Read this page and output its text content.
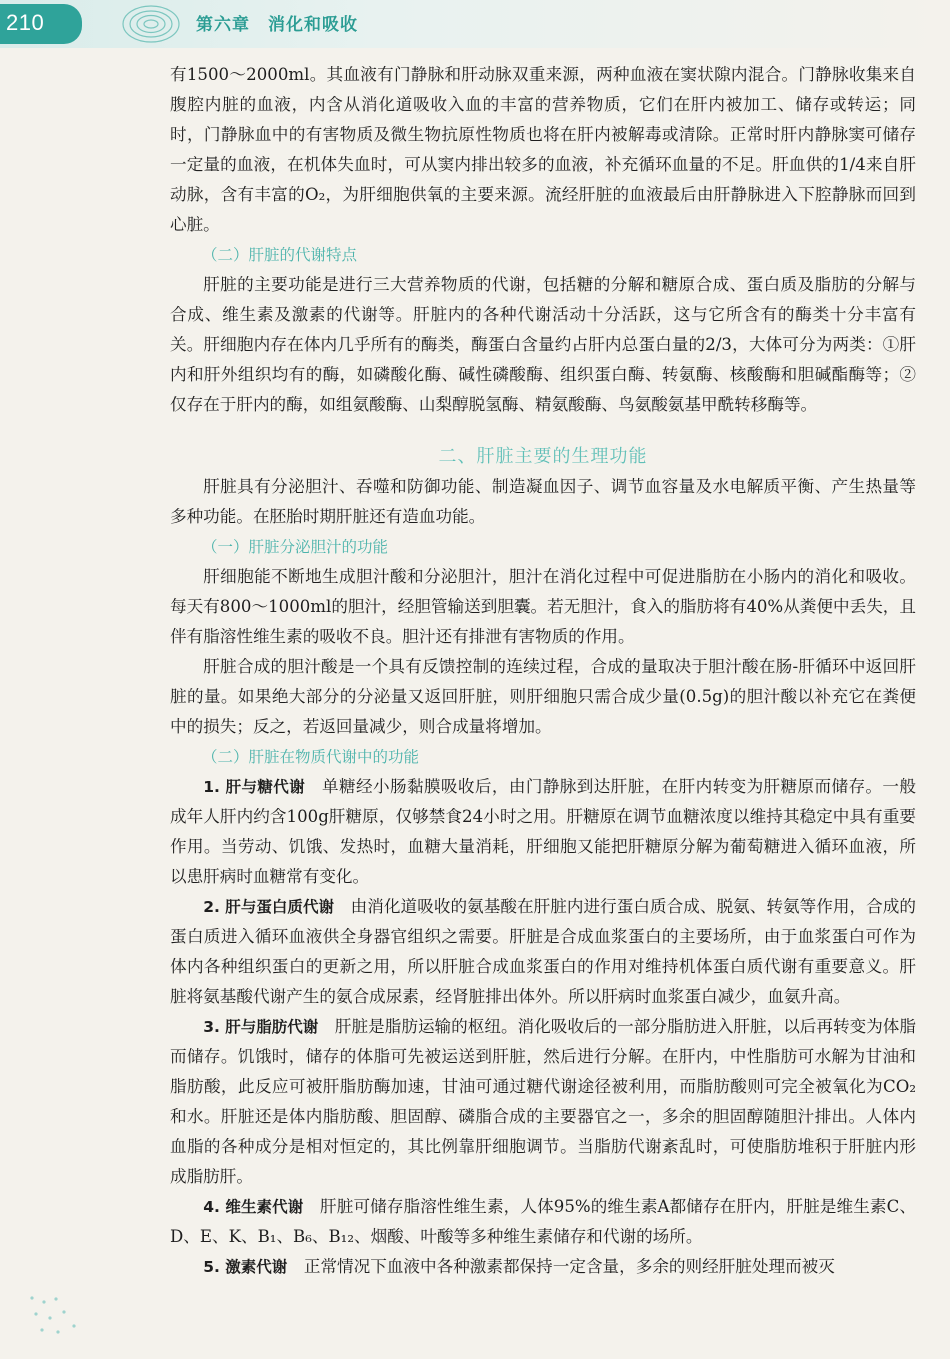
210	第六章　消化和吸收

有1500～2000ml。其血液有门静脉和肝动脉双重来源，两种血液在窦状隙内混合。门静脉收集来自腹腔内脏的血液，内含从消化道吸收入血的丰富的营养物质，它们在肝内被加工、储存或转运；同时，门静脉血中的有害物质及微生物抗原性物质也将在肝内被解毒或清除。正常时肝内静脉窦可储存一定量的血液，在机体失血时，可从窦内排出较多的血液，补充循环血量的不足。肝血供的1/4来自肝动脉，含有丰富的O₂，为肝细胞供氧的主要来源。流经肝脏的血液最后由肝静脉进入下腔静脉而回到心脏。

（二）肝脏的代谢特点

肝脏的主要功能是进行三大营养物质的代谢，包括糖的分解和糖原合成、蛋白质及脂肪的分解与合成、维生素及激素的代谢等。肝脏内的各种代谢活动十分活跃，这与它所含有的酶类十分丰富有关。肝细胞内存在体内几乎所有的酶类，酶蛋白含量约占肝内总蛋白量的2/3，大体可分为两类：①肝内和肝外组织均有的酶，如磷酸化酶、碱性磷酸酶、组织蛋白酶、转氨酶、核酸酶和胆碱酯酶等；②仅存在于肝内的酶，如组氨酸酶、山梨醇脱氢酶、精氨酸酶、鸟氨酸氨基甲酰转移酶等。

二、肝脏主要的生理功能

肝脏具有分泌胆汁、吞噬和防御功能、制造凝血因子、调节血容量及水电解质平衡、产生热量等多种功能。在胚胎时期肝脏还有造血功能。

（一）肝脏分泌胆汁的功能

肝细胞能不断地生成胆汁酸和分泌胆汁，胆汁在消化过程中可促进脂肪在小肠内的消化和吸收。每天有800～1000ml的胆汁，经胆管输送到胆囊。若无胆汁，食入的脂肪将有40%从粪便中丢失，且伴有脂溶性维生素的吸收不良。胆汁还有排泄有害物质的作用。

肝脏合成的胆汁酸是一个具有反馈控制的连续过程，合成的量取决于胆汁酸在肠-肝循环中返回肝脏的量。如果绝大部分的分泌量又返回肝脏，则肝细胞只需合成少量(0.5g)的胆汁酸以补充它在粪便中的损失；反之，若返回量减少，则合成量将增加。

（二）肝脏在物质代谢中的功能

1. 肝与糖代谢　单糖经小肠黏膜吸收后，由门静脉到达肝脏，在肝内转变为肝糖原而储存。一般成年人肝内约含100g肝糖原，仅够禁食24小时之用。肝糖原在调节血糖浓度以维持其稳定中具有重要作用。当劳动、饥饿、发热时，血糖大量消耗，肝细胞又能把肝糖原分解为葡萄糖进入循环血液，所以患肝病时血糖常有变化。

2. 肝与蛋白质代谢　由消化道吸收的氨基酸在肝脏内进行蛋白质合成、脱氨、转氨等作用，合成的蛋白质进入循环血液供全身器官组织之需要。肝脏是合成血浆蛋白的主要场所，由于血浆蛋白可作为体内各种组织蛋白的更新之用，所以肝脏合成血浆蛋白的作用对维持机体蛋白质代谢有重要意义。肝脏将氨基酸代谢产生的氨合成尿素，经肾脏排出体外。所以肝病时血浆蛋白减少，血氨升高。

3. 肝与脂肪代谢　肝脏是脂肪运输的枢纽。消化吸收后的一部分脂肪进入肝脏，以后再转变为体脂而储存。饥饿时，储存的体脂可先被运送到肝脏，然后进行分解。在肝内，中性脂肪可水解为甘油和脂肪酸，此反应可被肝脂肪酶加速，甘油可通过糖代谢途径被利用，而脂肪酸则可完全被氧化为CO₂和水。肝脏还是体内脂肪酸、胆固醇、磷脂合成的主要器官之一，多余的胆固醇随胆汁排出。人体内血脂的各种成分是相对恒定的，其比例靠肝细胞调节。当脂肪代谢紊乱时，可使脂肪堆积于肝脏内形成脂肪肝。

4. 维生素代谢　肝脏可储存脂溶性维生素，人体95%的维生素A都储存在肝内，肝脏是维生素C、D、E、K、B₁、B₆、B₁₂、烟酸、叶酸等多种维生素储存和代谢的场所。

5. 激素代谢　正常情况下血液中各种激素都保持一定含量，多余的则经肝脏处理而被灭
